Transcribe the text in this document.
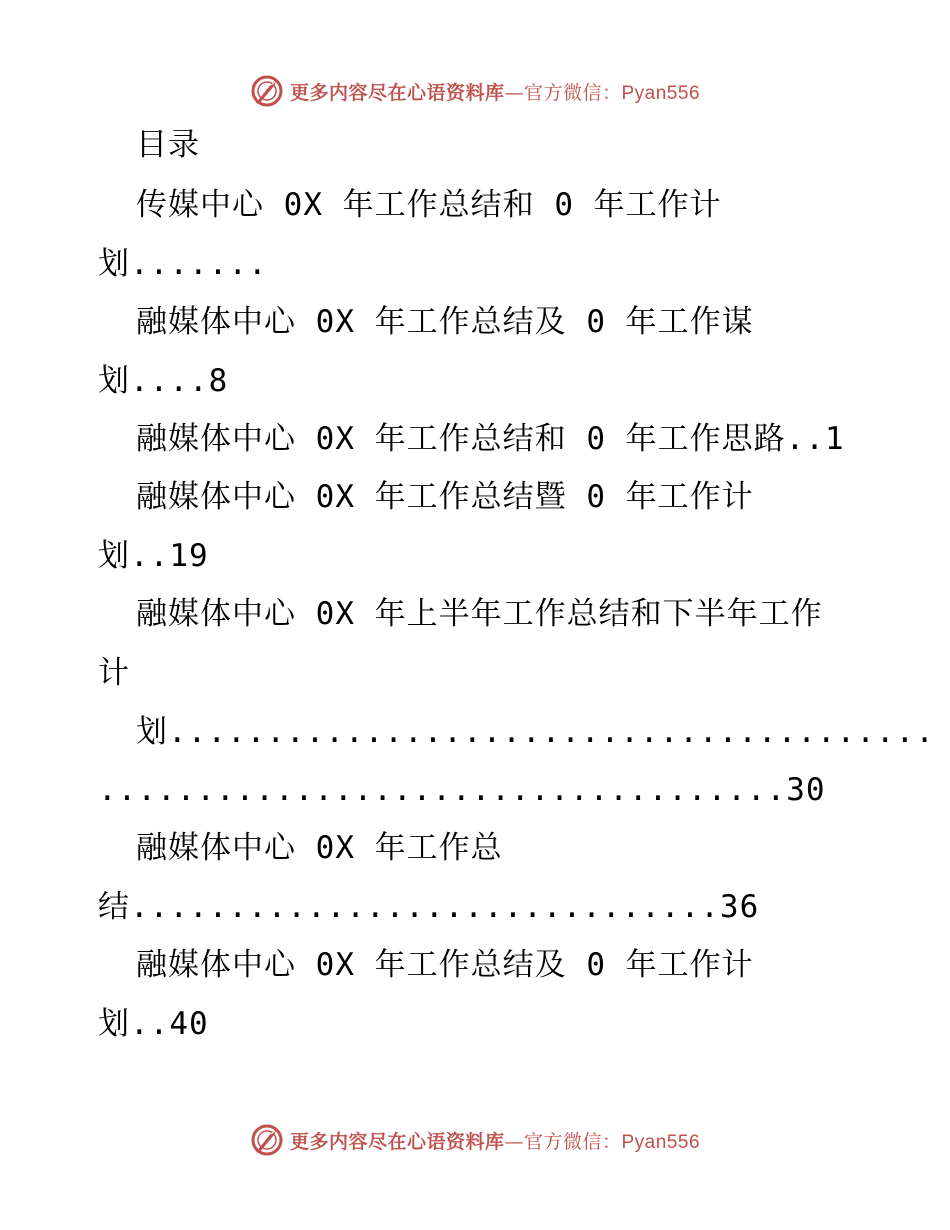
更多内容尽在心语资料库—官方微信：Pyan556
目录
传媒中心 0X 年工作总结和 0 年工作计
划.......
融媒体中心 0X 年工作总结及 0 年工作谋
划....8
融媒体中心 0X 年工作总结和 0 年工作思路..1
融媒体中心 0X 年工作总结暨 0 年工作计
划..19
融媒体中心 0X 年上半年工作总结和下半年工作
计
划.......................................
...................................30
融媒体中心 0X 年工作总
结..............................36
融媒体中心 0X 年工作总结及 0 年工作计
划..40
更多内容尽在心语资料库—官方微信：Pyan556
